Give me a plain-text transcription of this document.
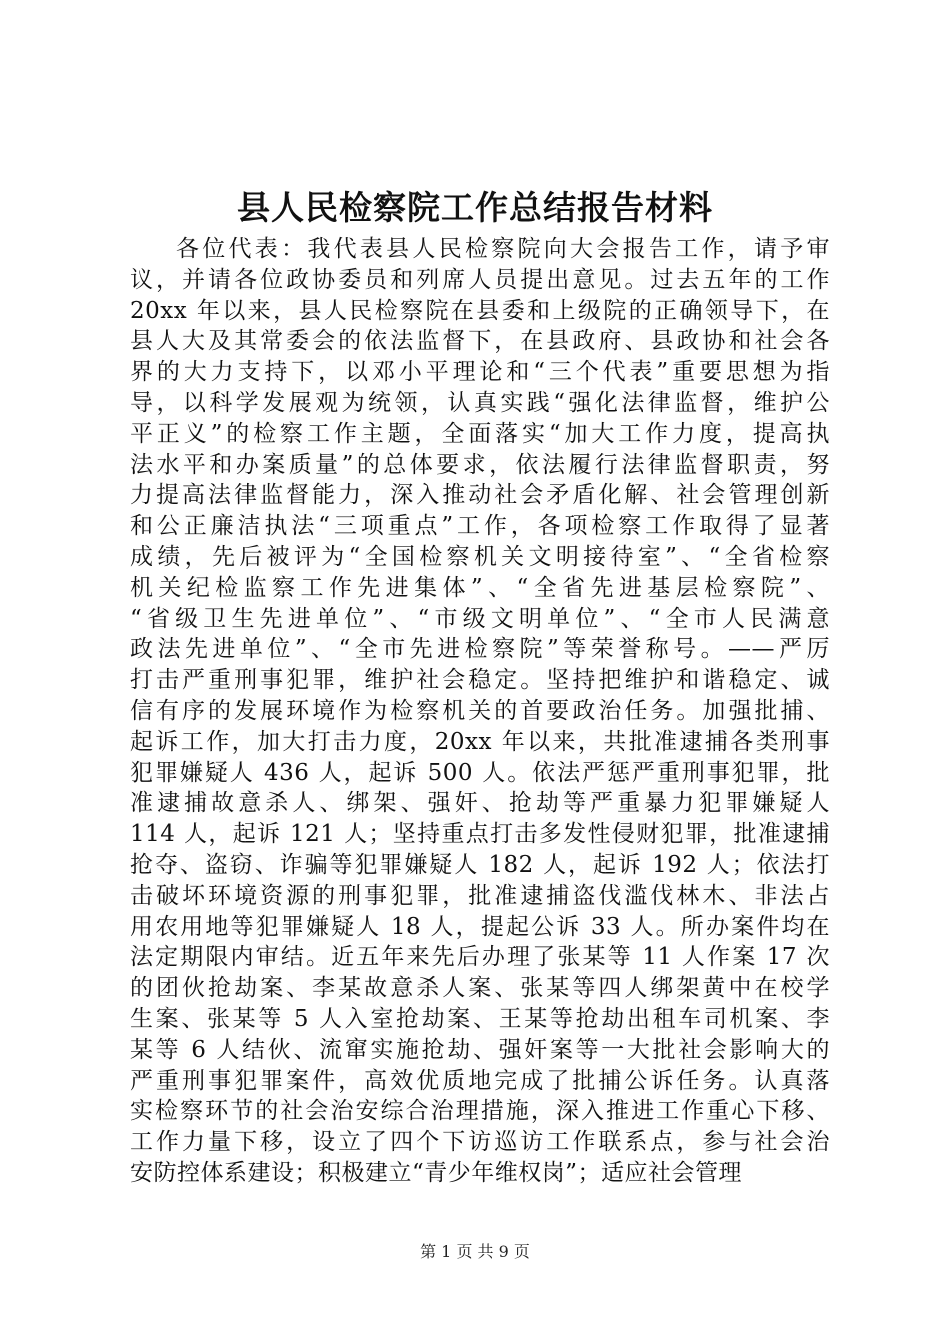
县人民检察院工作总结报告材料
各位代表：我代表县人民检察院向大会报告工作，请予审
议，并请各位政协委员和列席人员提出意见。过去五年的工作
20xx 年以来，县人民检察院在县委和上级院的正确领导下，在
县人大及其常委会的依法监督下，在县政府、县政协和社会各
界的大力支持下，以邓小平理论和“三个代表”重要思想为指
导，以科学发展观为统领，认真实践“强化法律监督，维护公
平正义”的检察工作主题，全面落实“加大工作力度，提高执
法水平和办案质量”的总体要求，依法履行法律监督职责，努
力提高法律监督能力，深入推动社会矛盾化解、社会管理创新
和公正廉洁执法“三项重点”工作，各项检察工作取得了显著
成绩，先后被评为“全国检察机关文明接待室”、“全省检察
机关纪检监察工作先进集体”、“全省先进基层检察院”、
“省级卫生先进单位”、“市级文明单位”、“全市人民满意
政法先进单位”、“全市先进检察院”等荣誉称号。——严厉
打击严重刑事犯罪，维护社会稳定。坚持把维护和谐稳定、诚
信有序的发展环境作为检察机关的首要政治任务。加强批捕、
起诉工作，加大打击力度，20xx 年以来，共批准逮捕各类刑事
犯罪嫌疑人 436 人，起诉 500 人。依法严惩严重刑事犯罪，批
准逮捕故意杀人、绑架、强奸、抢劫等严重暴力犯罪嫌疑人
114 人，起诉 121 人；坚持重点打击多发性侵财犯罪，批准逮捕
抢夺、盗窃、诈骗等犯罪嫌疑人 182 人，起诉 192 人；依法打
击破坏环境资源的刑事犯罪，批准逮捕盗伐滥伐林木、非法占
用农用地等犯罪嫌疑人 18 人，提起公诉 33 人。所办案件均在
法定期限内审结。近五年来先后办理了张某等 11 人作案 17 次
的团伙抢劫案、李某故意杀人案、张某等四人绑架黄中在校学
生案、张某等 5 人入室抢劫案、王某等抢劫出租车司机案、李
某等 6 人结伙、流窜实施抢劫、强奸案等一大批社会影响大的
严重刑事犯罪案件，高效优质地完成了批捕公诉任务。认真落
实检察环节的社会治安综合治理措施，深入推进工作重心下移、
工作力量下移，设立了四个下访巡访工作联系点，参与社会治
安防控体系建设；积极建立“青少年维权岗”；适应社会管理
第 1 页 共 9 页
